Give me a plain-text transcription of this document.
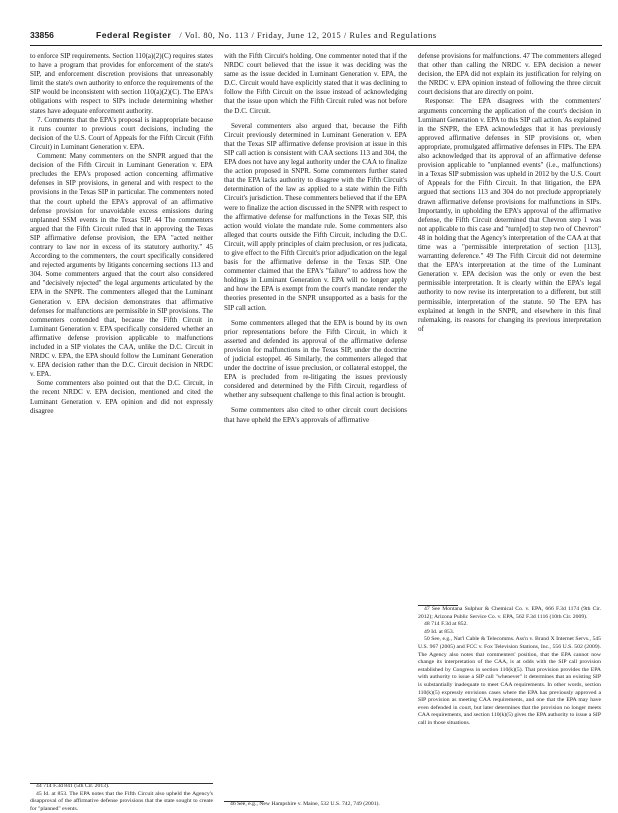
33856	Federal Register / Vol. 80, No. 113 / Friday, June 12, 2015 / Rules and Regulations

to enforce SIP requirements. Section 110(a)(2)(C) requires states to have a program that provides for enforcement of the state's SIP, and enforcement discretion provisions that unreasonably limit the state's own authority to enforce the requirements of the SIP would be inconsistent with section 110(a)(2)(C). The EPA's obligations with respect to SIPs include determining whether states have adequate enforcement authority.

7. Comments that the EPA's proposal is inappropriate because it runs counter to previous court decisions, including the decision of the U.S. Court of Appeals for the Fifth Circuit (Fifth Circuit) in Luminant Generation v. EPA.

Comment: Many commenters on the SNPR argued that the decision of the Fifth Circuit in Luminant Generation v. EPA precludes the EPA's proposed action concerning affirmative defenses in SIP provisions, in general and with respect to the provisions in the Texas SIP in particular. The commenters noted that the court upheld the EPA's approval of an affirmative defense provision for unavoidable excess emissions during unplanned SSM events in the Texas SIP. 44 The commenters argued that the Fifth Circuit ruled that in approving the Texas SIP affirmative defense provision, the EPA "acted neither contrary to law nor in excess of its statutory authority." 45 According to the commenters, the court specifically considered and rejected arguments by litigants concerning sections 113 and 304. Some commenters argued that the court also considered and "decisively rejected" the legal arguments articulated by the EPA in the SNPR. The commenters alleged that the Luminant Generation v. EPA decision demonstrates that affirmative defenses for malfunctions are permissible in SIP provisions. The commenters contended that, because the Fifth Circuit in Luminant Generation v. EPA specifically considered whether an affirmative defense provision applicable to malfunctions included in a SIP violates the CAA, unlike the D.C. Circuit in NRDC v. EPA, the EPA should follow the Luminant Generation v. EPA decision rather than the D.C. Circuit decision in NRDC v. EPA.

Some commenters also pointed out that the D.C. Circuit, in the recent NRDC v. EPA decision, mentioned and cited the Luminant Generation v. EPA opinion and did not expressly disagree

44 714 F.3d 841 (5th Cir. 2013).

45 Id. at 853. The EPA notes that the Fifth Circuit also upheld the Agency's disapproval of the affirmative defense provisions that the state sought to create for "planned" events.

with the Fifth Circuit's holding. One commenter noted that if the NRDC court believed that the issue it was deciding was the same as the issue decided in Luminant Generation v. EPA, the D.C. Circuit would have explicitly stated that it was declining to follow the Fifth Circuit on the issue instead of acknowledging that the issue upon which the Fifth Circuit ruled was not before the D.C. Circuit.

Several commenters also argued that, because the Fifth Circuit previously determined in Luminant Generation v. EPA that the Texas SIP affirmative defense provision at issue in this SIP call action is consistent with CAA sections 113 and 304, the EPA does not have any legal authority under the CAA to finalize the action proposed in SNPR. Some commenters further stated that the EPA lacks authority to disagree with the Fifth Circuit's determination of the law as applied to a state within the Fifth Circuit's jurisdiction. These commenters believed that if the EPA were to finalize the action discussed in the SNPR with respect to the affirmative defense for malfunctions in the Texas SIP, this action would violate the mandate rule. Some commenters also alleged that courts outside the Fifth Circuit, including the D.C. Circuit, will apply principles of claim preclusion, or res judicata, to give effect to the Fifth Circuit's prior adjudication on the legal basis for the affirmative defense in the Texas SIP. One commenter claimed that the EPA's "failure" to address how the holdings in Luminant Generation v. EPA will no longer apply and how the EPA is exempt from the court's mandate render the theories presented in the SNPR unsupported as a basis for the SIP call action.

Some commenters alleged that the EPA is bound by its own prior representations before the Fifth Circuit, in which it asserted and defended its approval of the affirmative defense provision for malfunctions in the Texas SIP, under the doctrine of judicial estoppel. 46 Similarly, the commenters alleged that under the doctrine of issue preclusion, or collateral estoppel, the EPA is precluded from re-litigating the issues previously considered and determined by the Fifth Circuit, regardless of whether any subsequent challenge to this final action is brought.

Some commenters also cited to other circuit court decisions that have upheld the EPA's approvals of affirmative

46 See, e.g., New Hampshire v. Maine, 532 U.S. 742, 749 (2001).

defense provisions for malfunctions. 47 The commenters alleged that other than calling the NRDC v. EPA decision a newer decision, the EPA did not explain its justification for relying on the NRDC v. EPA opinion instead of following the three circuit court decisions that are directly on point.

Response: The EPA disagrees with the commenters' arguments concerning the application of the court's decision in Luminant Generation v. EPA to this SIP call action. As explained in the SNPR, the EPA acknowledges that it has previously approved affirmative defenses in SIP provisions or, when appropriate, promulgated affirmative defenses in FIPs. The EPA also acknowledged that its approval of an affirmative defense provision applicable to "unplanned events" (i.e., malfunctions) in a Texas SIP submission was upheld in 2012 by the U.S. Court of Appeals for the Fifth Circuit. In that litigation, the EPA argued that sections 113 and 304 do not preclude appropriately drawn affirmative defense provisions for malfunctions in SIPs. Importantly, in upholding the EPA's approval of the affirmative defense, the Fifth Circuit determined that Chevron step 1 was not applicable to this case and "turn[ed] to step two of Chevron" 48 in holding that the Agency's interpretation of the CAA at that time was a "permissible interpretation of section [113], warranting deference." 49 The Fifth Circuit did not determine that the EPA's interpretation at the time of the Luminant Generation v. EPA decision was the only or even the best permissible interpretation. It is clearly within the EPA's legal authority to now revise its interpretation to a different, but still permissible, interpretation of the statute. 50 The EPA has explained at length in the SNPR, and elsewhere in this final rulemaking, its reasons for changing its previous interpretation of

47 See Montana Sulphur & Chemical Co. v. EPA, 666 F.3d 1174 (9th Cir. 2012); Arizona Public Service Co. v. EPA, 562 F.3d 1116 (10th Cir. 2009).

48 714 F.3d at 852.

49 Id. at 853.

50 See, e.g., Nat'l Cable & Telecomms. Ass'n v. Brand X Internet Servs., 545 U.S. 967 (2005) and FCC v. Fox Television Stations, Inc., 556 U.S. 502 (2009). The Agency also notes that commenters' position, that the EPA cannot now change its interpretation of the CAA, is at odds with the SIP call provision established by Congress in section 110(k)(5). That provision provides the EPA with authority to issue a SIP call "whenever" it determines that an existing SIP is substantially inadequate to meet CAA requirements. In other words, section 110(k)(5) expressly envisions cases where the EPA has previously approved a SIP provision as meeting CAA requirements, and one that the EPA may have even defended in court, but later determines that the provision no longer meets CAA requirements, and section 110(k)(5) gives the EPA authority to issue a SIP call in those situations.
